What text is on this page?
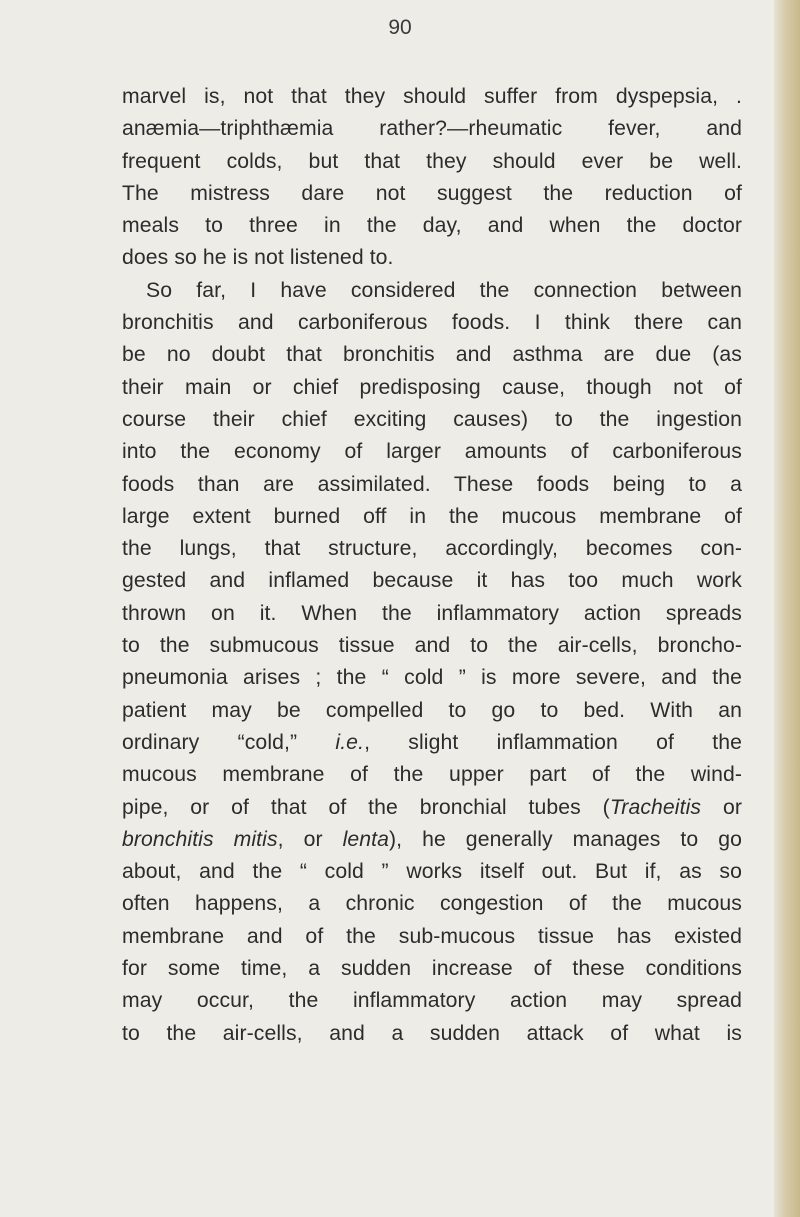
90
marvel is, not that they should suffer from dyspepsia, .
anæmia—triphthæmia rather?—rheumatic fever, and
frequent colds, but that they should ever be well.
The mistress dare not suggest the reduction of
meals to three in the day, and when the doctor
does so he is not listened to.
So far, I have considered the connection between
bronchitis and carboniferous foods. I think there can
be no doubt that bronchitis and asthma are due (as
their main or chief predisposing cause, though not of
course their chief exciting causes) to the ingestion
into the economy of larger amounts of carboniferous
foods than are assimilated. These foods being to a
large extent burned off in the mucous membrane of
the lungs, that structure, accordingly, becomes con-
gested and inflamed because it has too much work
thrown on it. When the inflammatory action spreads
to the submucous tissue and to the air-cells, broncho-
pneumonia arises ; the “ cold ” is more severe, and the
patient may be compelled to go to bed. With an
ordinary “cold,” i.e., slight inflammation of the
mucous membrane of the upper part of the wind-
pipe, or of that of the bronchial tubes (Tracheitis or
bronchitis mitis, or lenta), he generally manages to go
about, and the “ cold ” works itself out. But if, as so
often happens, a chronic congestion of the mucous
membrane and of the sub-mucous tissue has existed
for some time, a sudden increase of these conditions
may occur, the inflammatory action may spread
to the air-cells, and a sudden attack of what is
